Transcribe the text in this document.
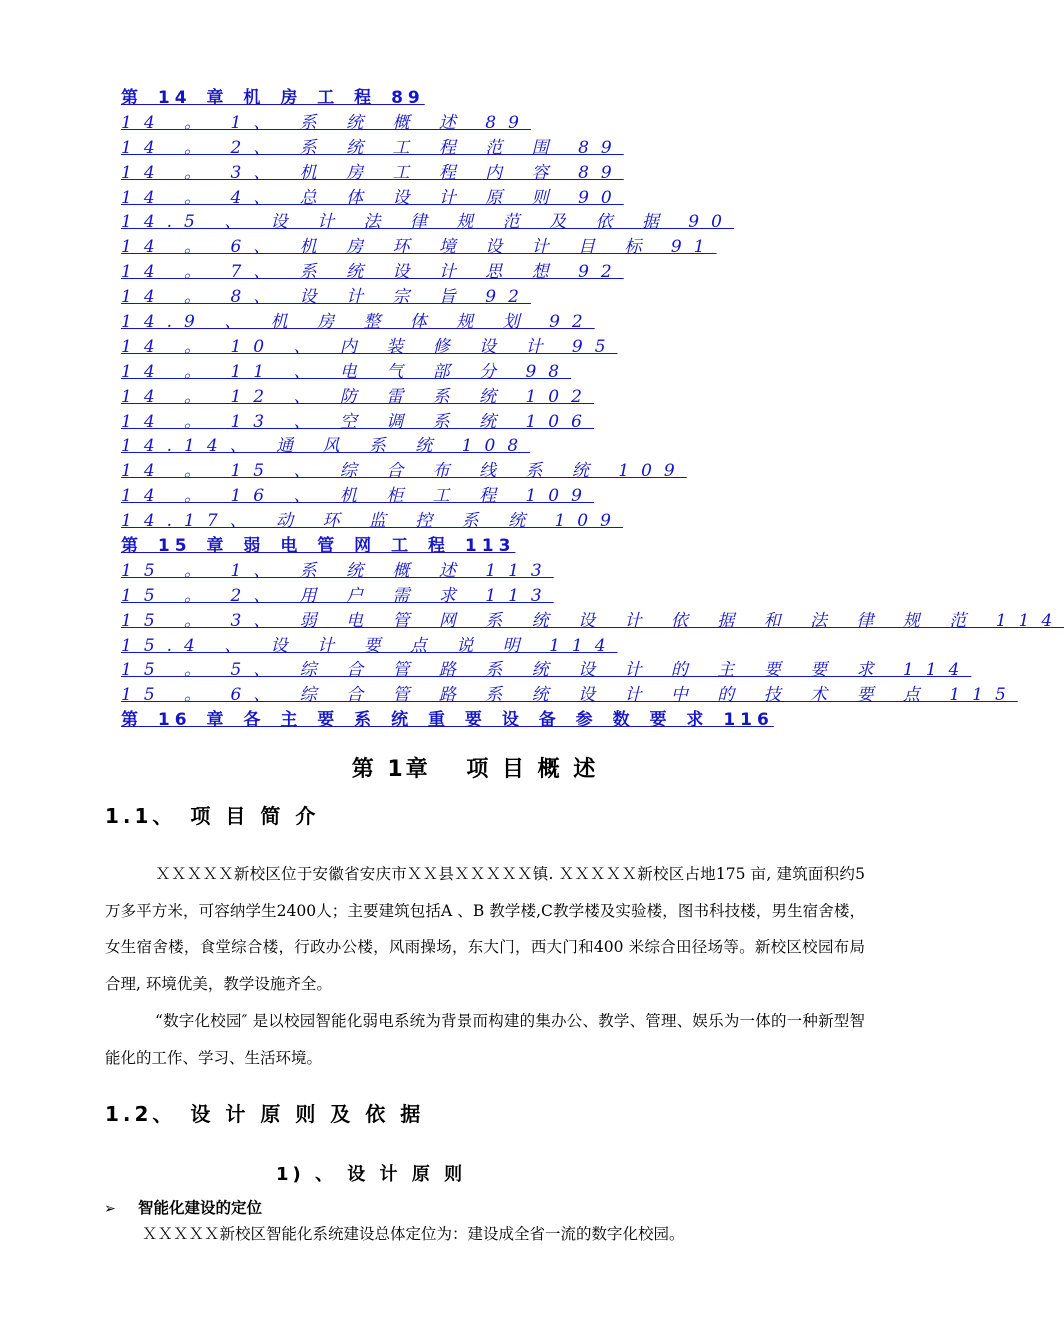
第 14 章 机 房 工 程 89
14 。 1、 系 统 概 述 89
14 。 2、 系 统 工 程 范 围 89
14 。 3、 机 房 工 程 内 容 89
14 。 4、 总 体 设 计 原 则 90
14.5 、 设 计 法 律 规 范 及 依 据 90
14 。 6、 机 房 环 境 设 计 目 标 91
14 。 7、 系 统 设 计 思 想 92
14 。 8、 设 计 宗 旨 92
14.9 、 机 房 整 体 规 划 92
14 。 10 、 内 装 修 设 计 95
14 。 11 、 电 气 部 分 98
14 。 12 、 防 雷 系 统 102
14 。 13 、 空 调 系 统 106
14.14、 通 风 系 统 108
14 。 15 、 综 合 布 线 系 统 109
14 。 16 、 机 柜 工 程 109
14.17、 动 环 监 控 系 统 109
第 15 章 弱 电 管 网 工 程 113
15 。 1、 系 统 概 述 113
15 。 2、 用 户 需 求 113
15 。 3、 弱 电 管 网 系 统 设 计 依 据 和 法 律 规 范 114
15.4 、 设 计 要 点 说 明 114
15 。 5、 综 合 管 路 系 统 设 计 的 主 要 要 求 114
15 。 6、 综 合 管 路 系 统 设 计 中 的 技 术 要 点 115
第 16 章 各 主 要 系 统 重 要 设 备 参 数 要 求 116
第 1章　 项 目 概 述
1.1、　项 目 简 介
ＸＸＸＸＸ新校区位于安徽省安庆市ＸＸ县ＸＸＸＸＸ镇. ＸＸＸＸＸ新校区占地175 亩, 建筑面积约5 万多平方米，可容纳学生2400人；主要建筑包括A 、B 教学楼,C教学楼及实验楼，图书科技楼，男生宿舍楼，女生宿舍楼，食堂综合楼，行政办公楼，风雨操场，东大门，西大门和400 米综合田径场等。新校区校园布局合理, 环境优美，教学设施齐全。
“数字化校园″ 是以校园智能化弱电系统为背景而构建的集办公、教学、管理、娱乐为一体的一种新型智能化的工作、学习、生活环境。
1.2、　设 计 原 则 及 依 据
1) 、 设 计 原 则
➢ 智能化建设的定位
ＸＸＸＸＸ新校区智能化系统建设总体定位为：建设成全省一流的数字化校园。
